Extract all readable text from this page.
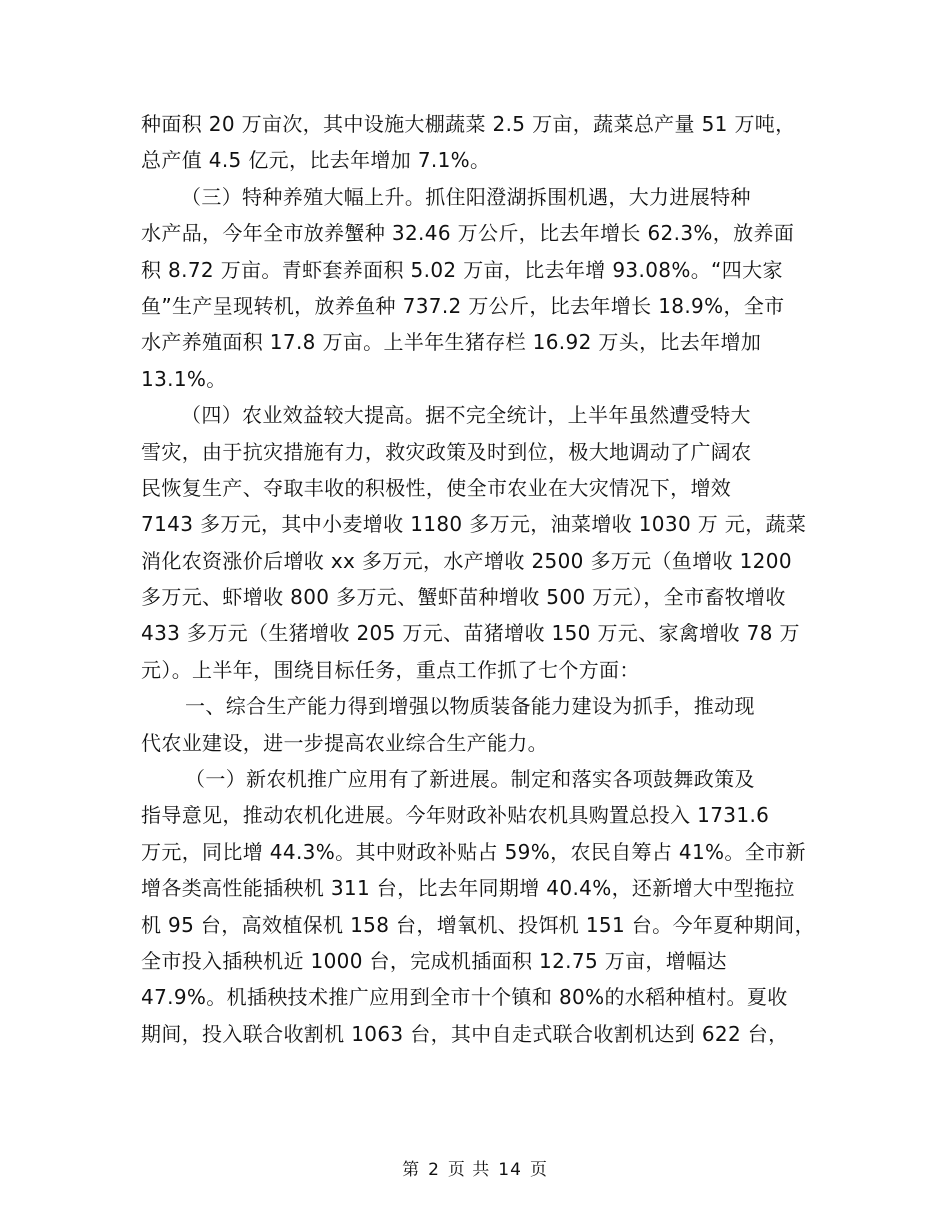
种面积 20 万亩次，其中设施大棚蔬菜 2.5 万亩，蔬菜总产量 51 万吨，
总产值 4.5 亿元，比去年增加 7.1%。
（三）特种养殖大幅上升。抓住阳澄湖拆围机遇，大力进展特种
水产品，今年全市放养蟹种 32.46 万公斤，比去年增长 62.3%，放养面
积 8.72 万亩。青虾套养面积 5.02 万亩，比去年增 93.08%。“四大家
鱼”生产呈现转机，放养鱼种 737.2 万公斤，比去年增长 18.9%，全市
水产养殖面积 17.8 万亩。上半年生猪存栏 16.92 万头，比去年增加
13.1%。
（四）农业效益较大提高。据不完全统计，上半年虽然遭受特大
雪灾，由于抗灾措施有力，救灾政策及时到位，极大地调动了广阔农
民恢复生产、夺取丰收的积极性，使全市农业在大灾情况下，增效
7143 多万元，其中小麦增收 1180 多万元，油菜增收 1030 万 元，蔬菜
消化农资涨价后增收 xx 多万元，水产增收 2500 多万元（鱼增收 1200
多万元、虾增收 800 多万元、蟹虾苗种增收 500 万元），全市畜牧增收
433 多万元（生猪增收 205 万元、苗猪增收 150 万元、家禽增收 78 万
元）。上半年，围绕目标任务，重点工作抓了七个方面：
一、综合生产能力得到增强以物质装备能力建设为抓手，推动现
代农业建设，进一步提高农业综合生产能力。
（一）新农机推广应用有了新进展。制定和落实各项鼓舞政策及
指导意见，推动农机化进展。今年财政补贴农机具购置总投入 1731.6
万元，同比增 44.3%。其中财政补贴占 59%，农民自筹占 41%。全市新
增各类高性能插秧机 311 台，比去年同期增 40.4%，还新增大中型拖拉
机 95 台，高效植保机 158 台，增氧机、投饵机 151 台。今年夏种期间，
全市投入插秧机近 1000 台，完成机插面积 12.75 万亩，增幅达
47.9%。机插秧技术推广应用到全市十个镇和 80%的水稻种植村。夏收
期间，投入联合收割机 1063 台，其中自走式联合收割机达到 622 台，
第 2 页 共 14 页
